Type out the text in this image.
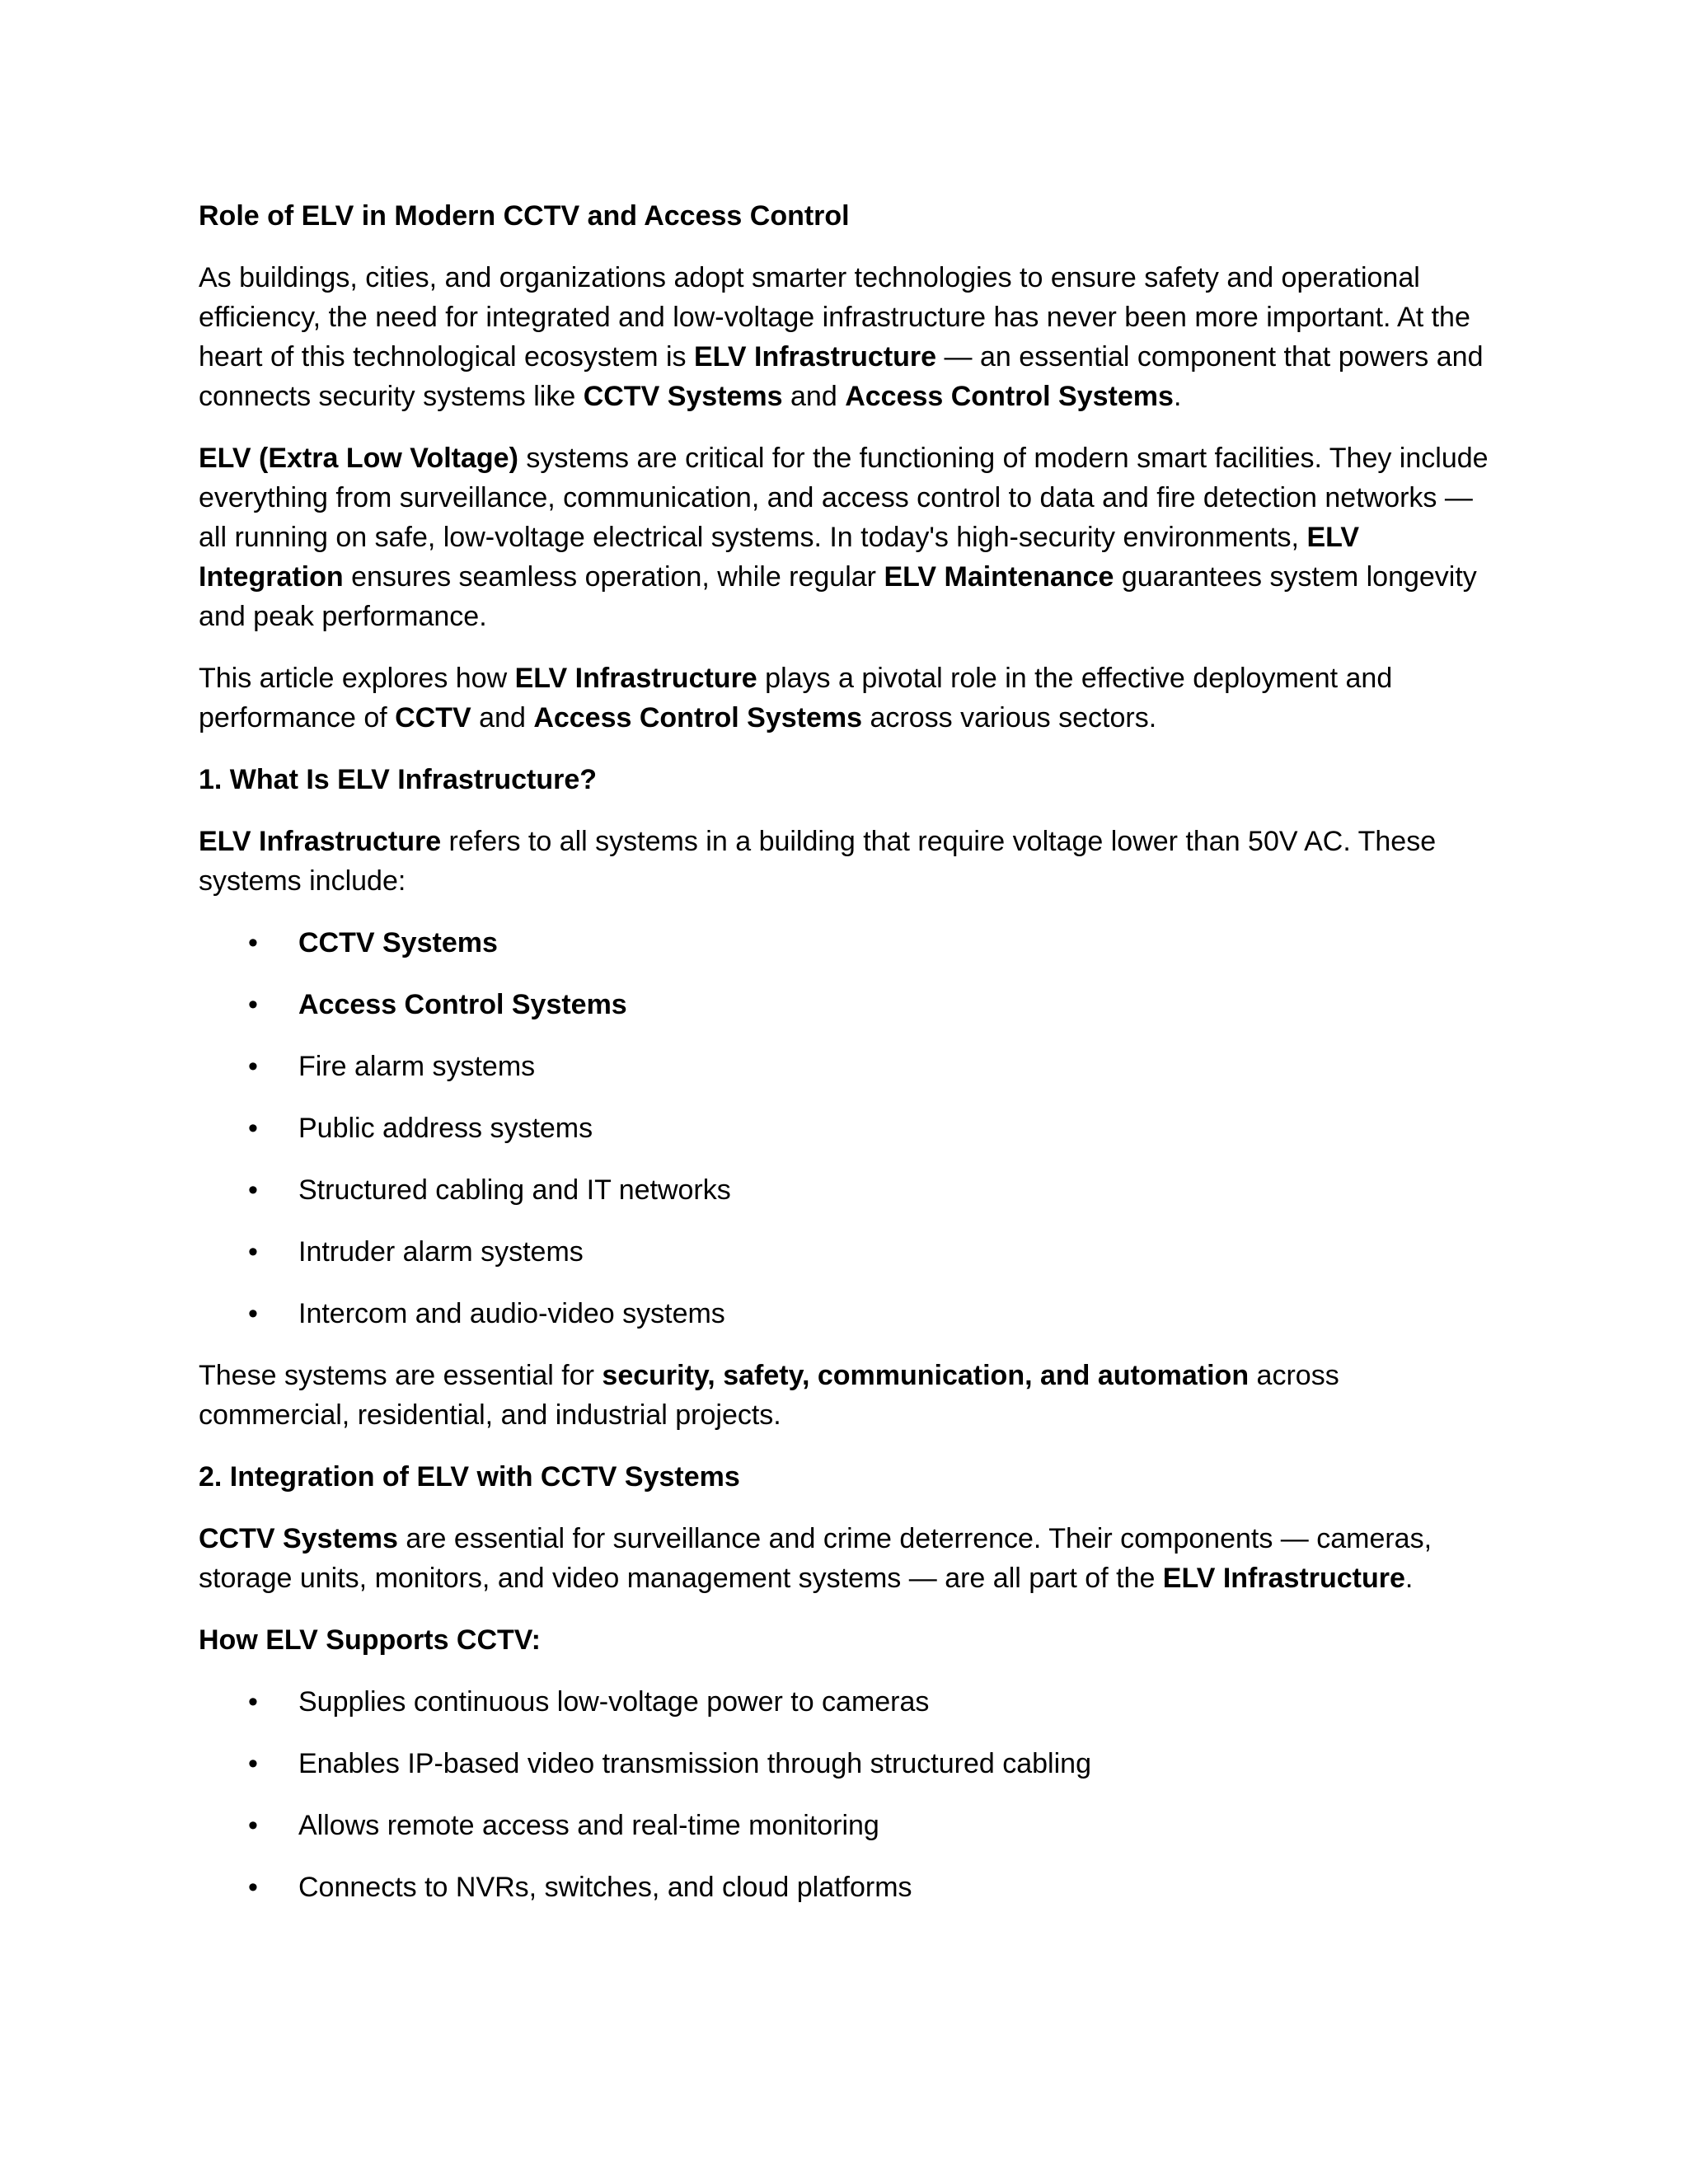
Role of ELV in Modern CCTV and Access Control

As buildings, cities, and organizations adopt smarter technologies to ensure safety and operational efficiency, the need for integrated and low-voltage infrastructure has never been more important. At the heart of this technological ecosystem is ELV Infrastructure — an essential component that powers and connects security systems like CCTV Systems and Access Control Systems.

ELV (Extra Low Voltage) systems are critical for the functioning of modern smart facilities. They include everything from surveillance, communication, and access control to data and fire detection networks — all running on safe, low-voltage electrical systems. In today's high-security environments, ELV Integration ensures seamless operation, while regular ELV Maintenance guarantees system longevity and peak performance.

This article explores how ELV Infrastructure plays a pivotal role in the effective deployment and performance of CCTV and Access Control Systems across various sectors.

1. What Is ELV Infrastructure?

ELV Infrastructure refers to all systems in a building that require voltage lower than 50V AC. These systems include:

• CCTV Systems
• Access Control Systems
• Fire alarm systems
• Public address systems
• Structured cabling and IT networks
• Intruder alarm systems
• Intercom and audio-video systems

These systems are essential for security, safety, communication, and automation across commercial, residential, and industrial projects.

2. Integration of ELV with CCTV Systems

CCTV Systems are essential for surveillance and crime deterrence. Their components — cameras, storage units, monitors, and video management systems — are all part of the ELV Infrastructure.

How ELV Supports CCTV:
• Supplies continuous low-voltage power to cameras
• Enables IP-based video transmission through structured cabling
• Allows remote access and real-time monitoring
• Connects to NVRs, switches, and cloud platforms
